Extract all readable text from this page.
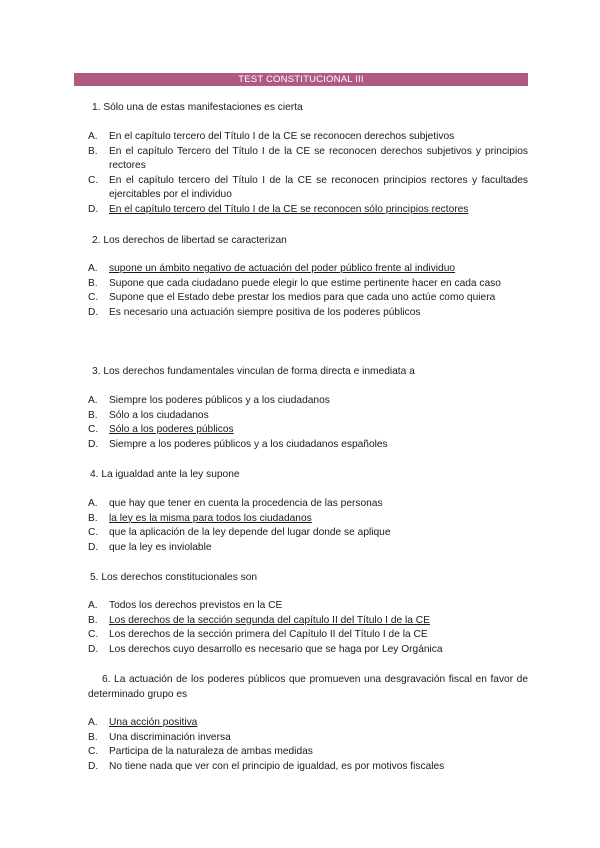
TEST CONSTITUCIONAL III
1. Sólo una de estas manifestaciones es cierta
A. En el capítulo tercero del Título I de la CE se reconocen derechos subjetivos
B. En el capítulo Tercero del Título I de la CE se reconocen derechos subjetivos y principios rectores
C. En el capítulo tercero del Título I de la CE se reconocen principios rectores y facultades ejercitables por el individuo
D. En el capítulo tercero del Título I de la CE se reconocen sólo principios rectores
2. Los derechos de libertad se caracterizan
A. supone un ámbito negativo de actuación del poder público frente al individuo
B. Supone que cada ciudadano puede elegir lo que estime pertinente hacer en cada caso
C. Supone que el Estado debe prestar los medios para que cada uno actúe como quiera
D. Es necesario una actuación siempre positiva de los poderes públicos
3. Los derechos fundamentales vinculan de forma directa e inmediata a
A. Siempre los poderes públicos y a los ciudadanos
B. Sólo a los ciudadanos
C. Sólo a los poderes públicos
D. Siempre a los poderes públicos y a los ciudadanos españoles
4. La igualdad ante la ley supone
A. que hay que tener en cuenta la procedencia de las personas
B. la ley es la misma para todos los ciudadanos
C. que la aplicación de la ley depende del lugar donde se aplique
D. que la ley es inviolable
5. Los derechos constitucionales son
A. Todos los derechos previstos en la CE
B. Los derechos de la sección segunda del capítulo II del Título I de la CE
C. Los derechos de la sección primera del Capítulo II del Título I de la CE
D. Los derechos cuyo desarrollo es necesario que se haga por Ley Orgánica
6. La actuación de los poderes públicos que promueven una desgravación fiscal en favor de determinado grupo es
A. Una acción positiva
B. Una discriminación inversa
C. Participa de la naturaleza de ambas medidas
D. No tiene nada que ver con el principio de igualdad, es por motivos fiscales
